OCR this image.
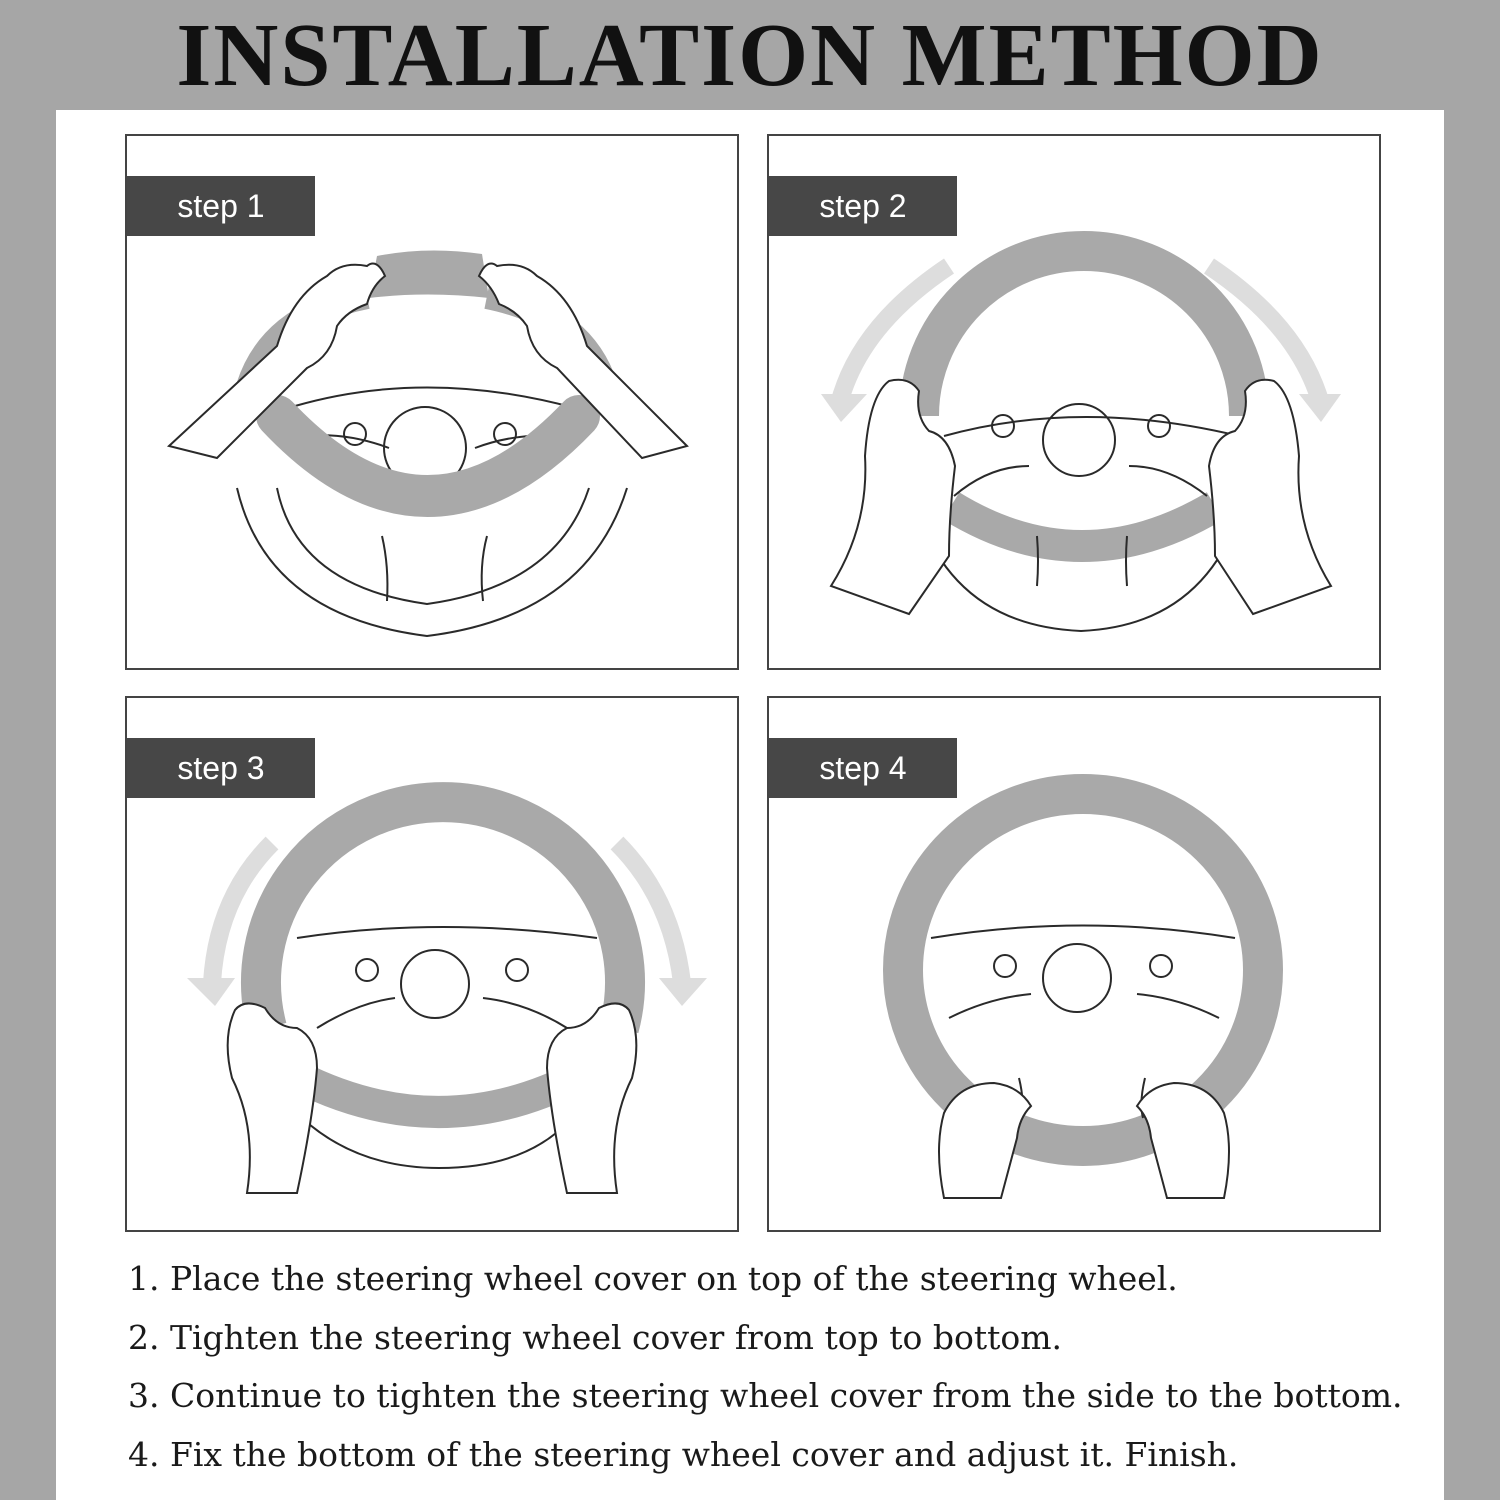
INSTALLATION METHOD
step 1	step 2
step 3	step 4
1. Place the steering wheel cover on top of the steering wheel.
2. Tighten the steering wheel cover from top to bottom.
3. Continue to tighten the steering wheel cover from the side to the bottom.
4. Fix the bottom of the steering wheel cover and adjust it. Finish.
